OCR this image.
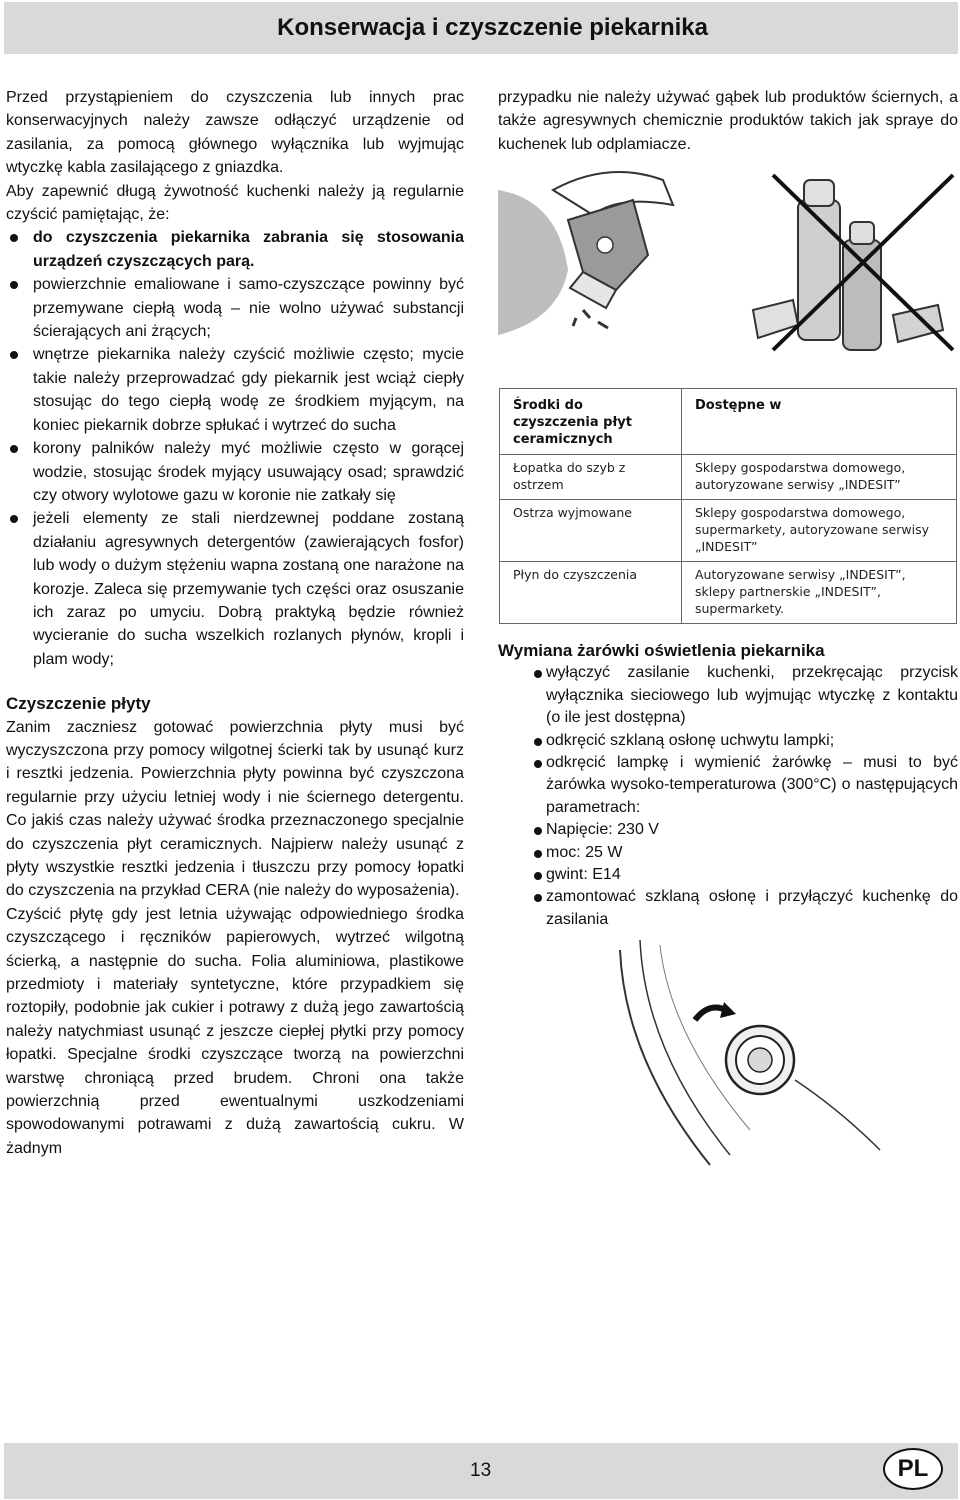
Konserwacja i czyszczenie piekarnika

Przed przystąpieniem do czyszczenia lub innych prac konserwacyjnych należy zawsze odłączyć urządzenie od zasilania, za pomocą głównego wyłącznika lub wyjmując wtyczkę kabla zasilającego z gniazdka.

Aby zapewnić długą żywotność kuchenki należy ją regularnie czyścić pamiętając, że:

do czyszczenia piekarnika zabrania się stosowania urządzeń czyszczących parą.
powierzchnie emaliowane i samo-czyszczące powinny być przemywane ciepłą wodą – nie wolno używać substancji ścierających ani żrących;
wnętrze piekarnika należy czyścić możliwie często; mycie takie należy przeprowadzać gdy piekarnik jest wciąż ciepły stosując do tego ciepłą wodę ze środkiem myjącym, na koniec piekarnik dobrze spłukać i wytrzeć do sucha
korony palników należy myć możliwie często w gorącej wodzie, stosując środek myjący usuwający osad; sprawdzić czy otwory wylotowe gazu w koronie nie zatkały się
jeżeli elementy ze stali nierdzewnej poddane zostaną działaniu agresywnych detergentów (zawierających fosfor) lub wody o dużym stężeniu wapna zostaną one narażone na korozje. Zaleca się przemywanie tych części oraz osuszanie ich zaraz po umyciu. Dobrą praktyką będzie również wycieranie do sucha wszelkich rozlanych płynów, kropli i plam wody;
Czyszczenie płyty

Zanim zaczniesz gotować powierzchnia płyty musi być wyczyszczona przy pomocy wilgotnej ścierki tak by usunąć kurz i resztki jedzenia. Powierzchnia płyty powinna być czyszczona regularnie przy użyciu letniej wody i nie ściernego detergentu. Co jakiś czas należy używać środka przeznaczonego specjalnie do czyszczenia płyt ceramicznych. Najpierw należy usunąć z płyty wszystkie resztki jedzenia i tłuszczu przy pomocy łopatki do czyszczenia na przykład CERA (nie należy do wyposażenia).

Czyścić płytę gdy jest letnia używając odpowiedniego środka czyszczącego i ręczników papierowych, wytrzeć wilgotną ścierką, a następnie do sucha. Folia aluminiowa, plastikowe przedmioty i materiały syntetyczne, które przypadkiem się roztopiły, podobnie jak cukier i potrawy z dużą jego zawartością należy natychmiast usunąć z jeszcze ciepłej płytki przy pomocy łopatki. Specjalne środki czyszczące tworzą na powierzchni warstwę chroniącą przed brudem. Chroni ona także powierzchnią przed ewentualnymi uszkodzeniami spowodowanymi potrawami z dużą zawartością cukru. W żadnym

przypadku nie należy używać gąbek lub produktów ściernych, a także agresywnych chemicznie produktów takich jak spraye do kuchenek lub odplamiacze.

Środki do czyszczenia płyt ceramicznych	Dostępne w
Łopatka do szyb z ostrzem	Sklepy gospodarstwa domowego, autoryzowane serwisy „INDESIT”
Ostrza wyjmowane	Sklepy gospodarstwa domowego, supermarkety, autoryzowane serwisy „INDESIT”
Płyn do czyszczenia	Autoryzowane serwisy „INDESIT”, sklepy partnerskie „INDESIT”, supermarkety.
Wymiana żarówki oświetlenia piekarnika
wyłączyć zasilanie kuchenki, przekręcając przycisk wyłącznika sieciowego lub wyjmując wtyczkę z kontaktu (o ile jest dostępna)
odkręcić szklaną osłonę uchwytu lampki;
odkręcić lampkę i wymienić żarówkę – musi to być żarówka wysoko-temperaturowa (300°C) o następujących parametrach:
Napięcie: 230 V
moc: 25 W
gwint: E14
zamontować szklaną osłonę i przyłączyć kuchenkę do zasilania
13	PL
